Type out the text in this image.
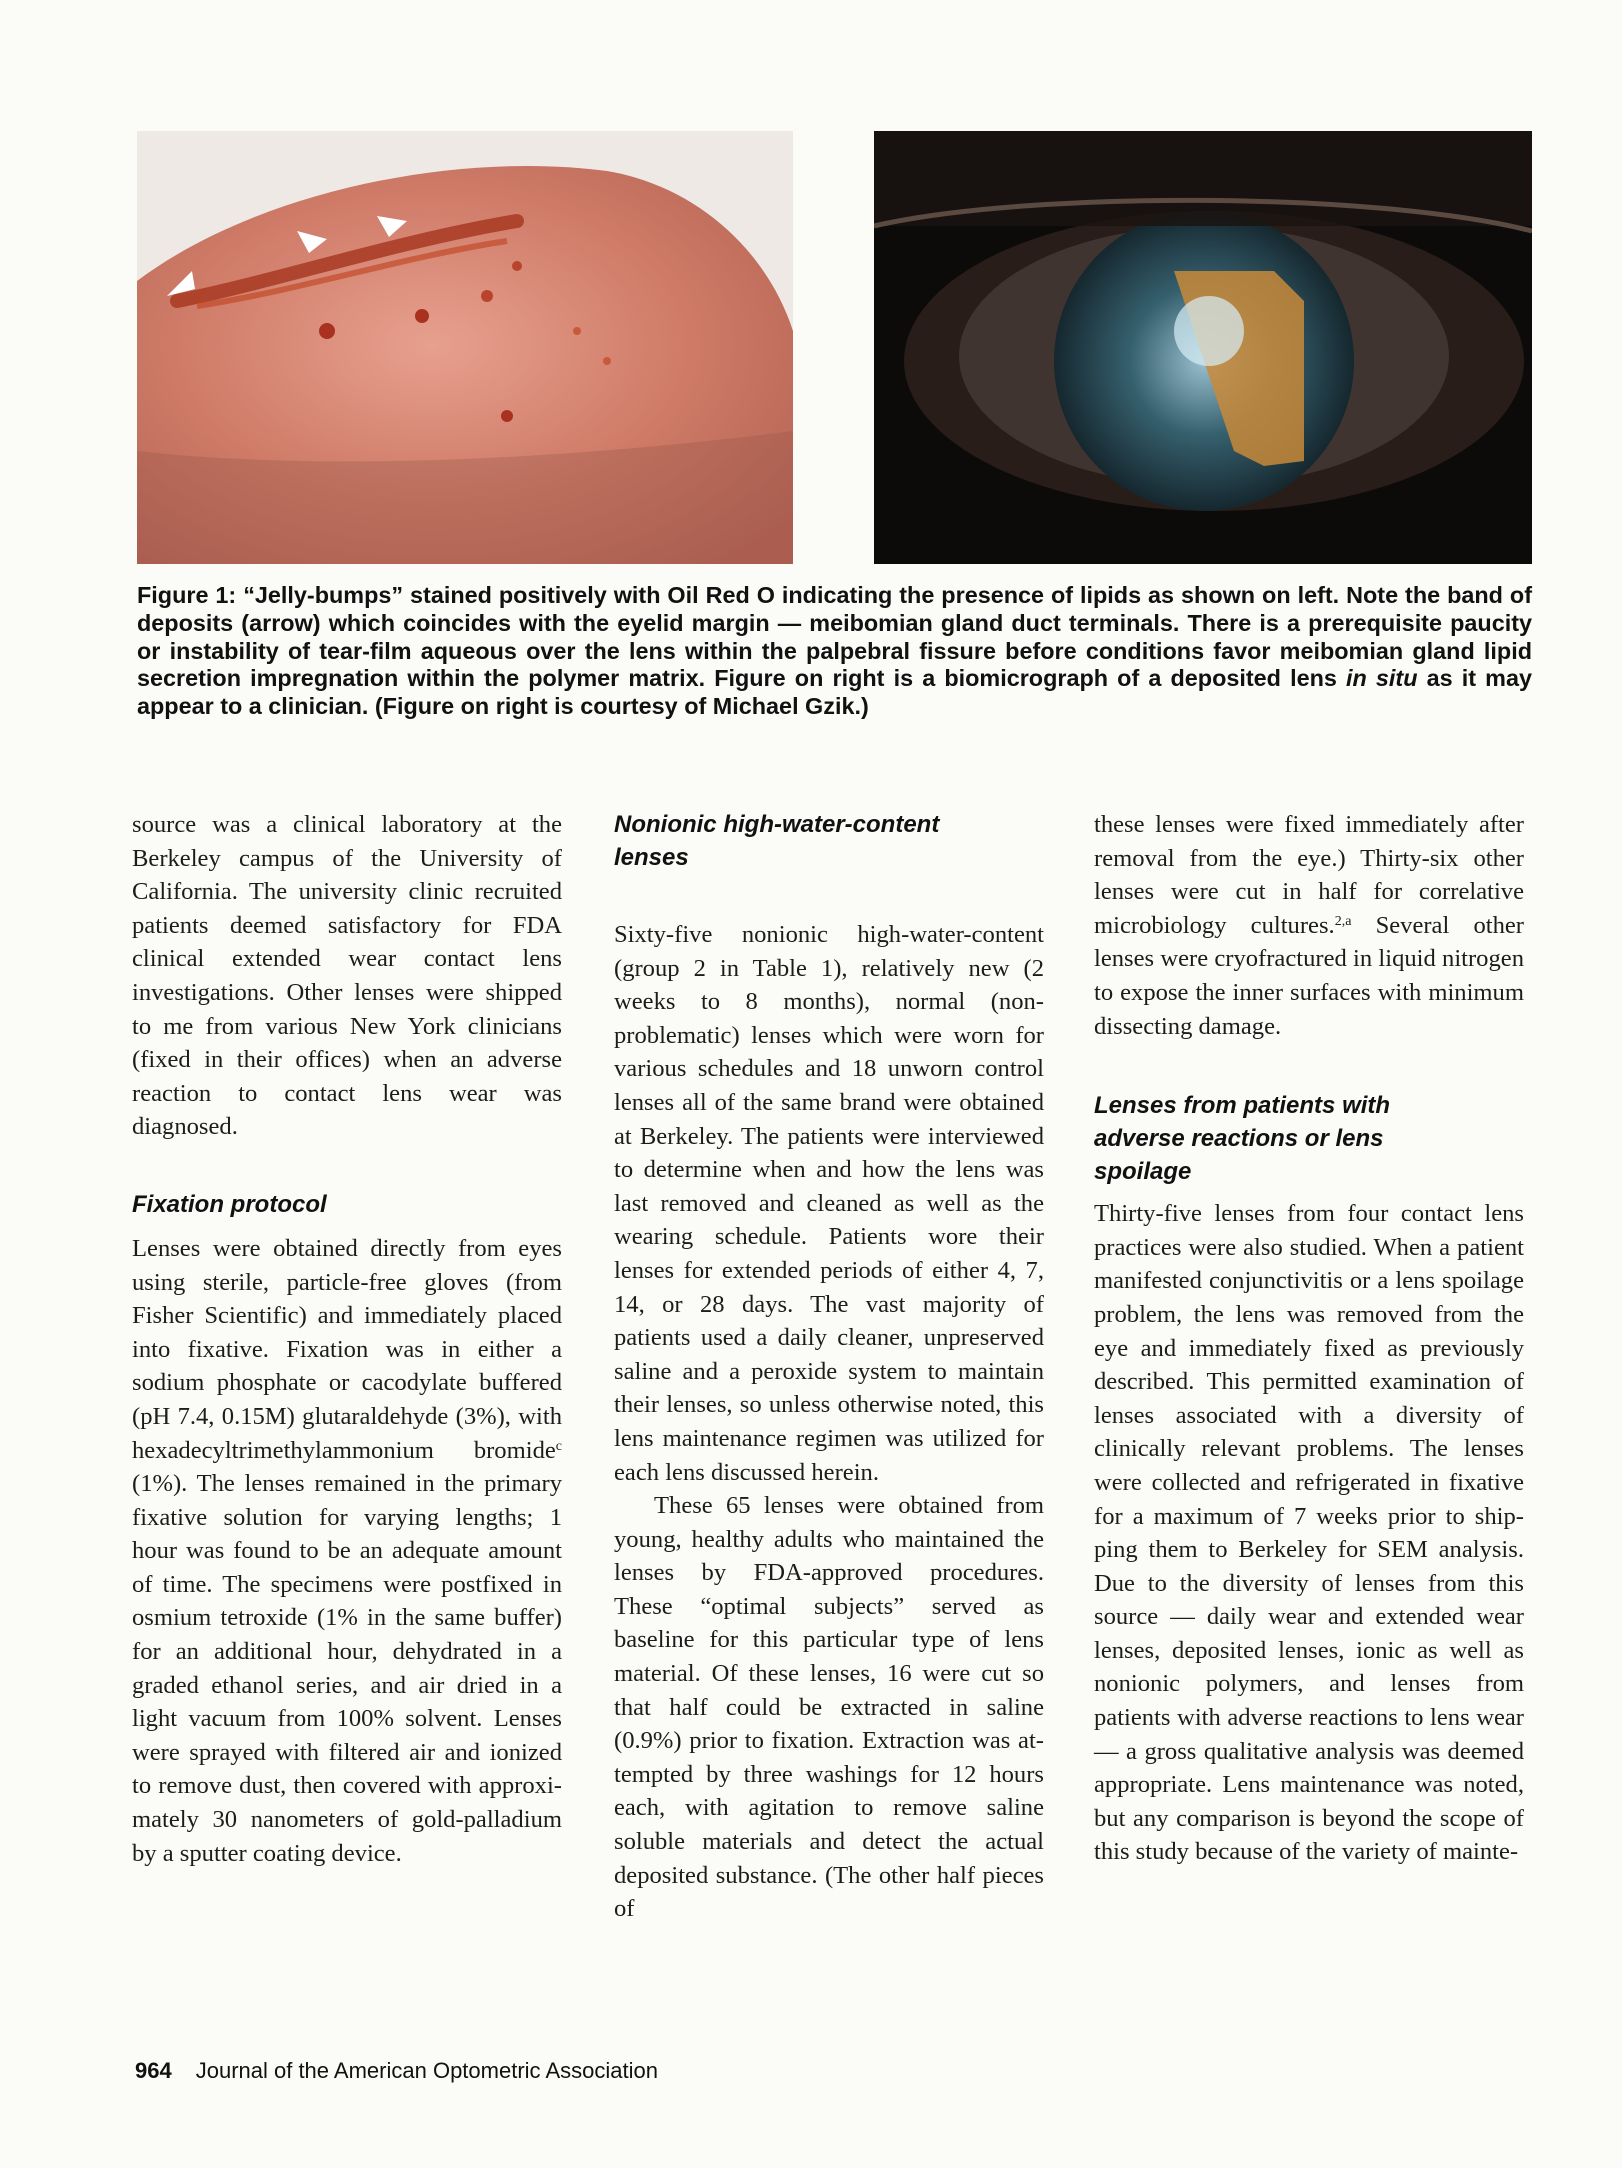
Figure 1: “Jelly-bumps” stained positively with Oil Red O indicating the presence of lipids as shown on left. Note the band of deposits (arrow) which coincides with the eyelid margin — meibomian gland duct terminals. There is a prerequisite paucity or instability of tear-film aqueous over the lens within the palpebral fissure before conditions favor meibomian gland lipid secretion impregnation within the polymer matrix. Figure on right is a biomicrograph of a deposited lens in situ as it may appear to a clinician. (Figure on right is courtesy of Michael Gzik.)

source was a clinical laboratory at the Berkeley campus of the University of California. The university clinic recruited patients deemed satisfactory for FDA clinical extended wear contact lens investigations. Other lenses were shipped to me from various New York clinicians (fixed in their offices) when an adverse reaction to contact lens wear was diagnosed.

Fixation protocol

Lenses were obtained directly from eyes using sterile, particle-free gloves (from Fisher Scientific) and immediately placed into fixative. Fixation was in either a sodium phosphate or cacodylate buffered (pH 7.4, 0.15M) glutaraldehyde (3%), with hexadecyltrimethylammonium bromide$^c$ (1%). The lenses remained in the primary fixative solution for varying lengths; 1 hour was found to be an adequate amount of time. The specimens were postfixed in osmium tetroxide (1% in the same buffer) for an additional hour, dehydrated in a graded ethanol series, and air dried in a light vacuum from 100% solvent. Lenses were sprayed with filtered air and ionized to remove dust, then covered with approximately 30 nanometers of gold-palladium by a sputter coating device.

Nonionic high-water-content lenses

Sixty-five nonionic high-water-content (group 2 in Table 1), relatively new (2 weeks to 8 months), normal (non-problematic) lenses which were worn for various schedules and 18 unworn control lenses all of the same brand were obtained at Berkeley. The patients were interviewed to determine when and how the lens was last removed and cleaned as well as the wearing schedule. Patients wore their lenses for extended periods of either 4, 7, 14, or 28 days. The vast majority of patients used a daily cleaner, unpreserved saline and a peroxide system to maintain their lenses, so unless otherwise noted, this lens maintenance regimen was utilized for each lens discussed herein.

These 65 lenses were obtained from young, healthy adults who maintained the lenses by FDA-approved procedures. These “optimal subjects” served as baseline for this particular type of lens material. Of these lenses, 16 were cut so that half could be extracted in saline (0.9%) prior to fixation. Extraction was attempted by three washings for 12 hours each, with agitation to remove saline soluble materials and detect the actual deposited substance. (The other half pieces of

these lenses were fixed immediately after removal from the eye.) Thirty-six other lenses were cut in half for correlative microbiology cultures.$^{2,a}$ Several other lenses were cryofractured in liquid nitrogen to expose the inner surfaces with minimum dissecting damage.

Lenses from patients with adverse reactions or lens spoilage

Thirty-five lenses from four contact lens practices were also studied. When a patient manifested conjunctivitis or a lens spoilage problem, the lens was removed from the eye and immediately fixed as previously described. This permitted examination of lenses associated with a diversity of clinically relevant problems. The lenses were collected and refrigerated in fixative for a maximum of 7 weeks prior to shipping them to Berkeley for SEM analysis. Due to the diversity of lenses from this source — daily wear and extended wear lenses, deposited lenses, ionic as well as nonionic polymers, and lenses from patients with adverse reactions to lens wear — a gross qualitative analysis was deemed appropriate. Lens maintenance was noted, but any comparison is beyond the scope of this study because of the variety of mainte-

964 Journal of the American Optometric Association
